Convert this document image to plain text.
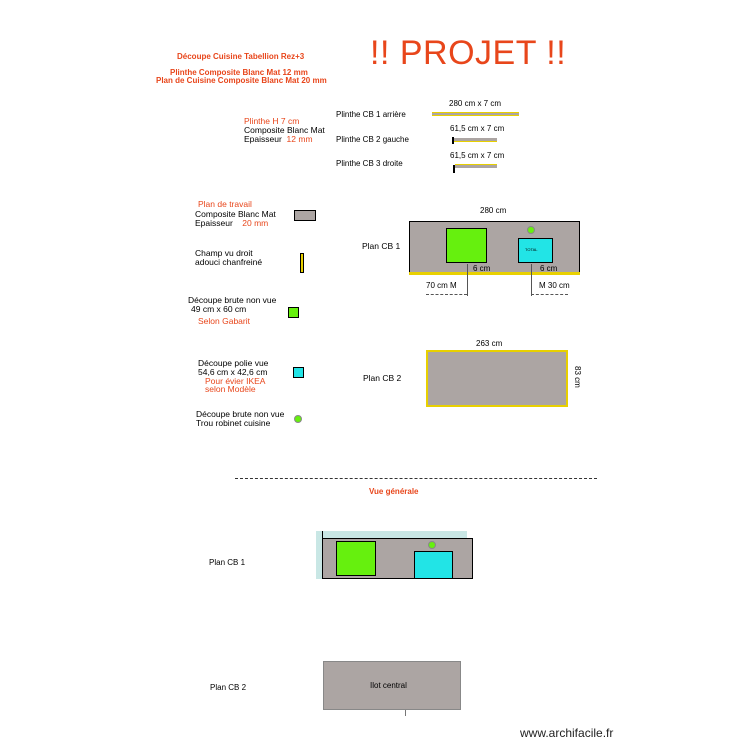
Découpe Cuisine Tabellion Rez+3
Plinthe Composite Blanc Mat 12 mm
Plan de Cuisine Composite Blanc Mat 20 mm
!! PROJET !!
Plinthe H 7 cm
Composite Blanc Mat
Epaisseur 12 mm
Plinthe CB 1 arrière
280 cm x 7 cm
Plinthe CB 2 gauche
61,5 cm x 7 cm
Plinthe CB 3 droite
61,5 cm x 7 cm
Plan de travail
Composite Blanc Mat
Epaisseur 20 mm
Champ vu droit
adouci chanfreiné
Découpe brute non vue
49 cm x 60 cm
Selon Gabarit
Découpe polie vue
54,6 cm x 42,6 cm
Pour évier IKEA
selon Modèle
Découpe brute non vue
Trou robinet cuisine
Plan CB 1
280 cm
TOTAL
6 cm	6 cm
70 cm M	M 30 cm
Plan CB 2
263 cm
83 cm
Vue générale
Plan CB 1
Plan CB 2	Ilot central
www.archifacile.fr
